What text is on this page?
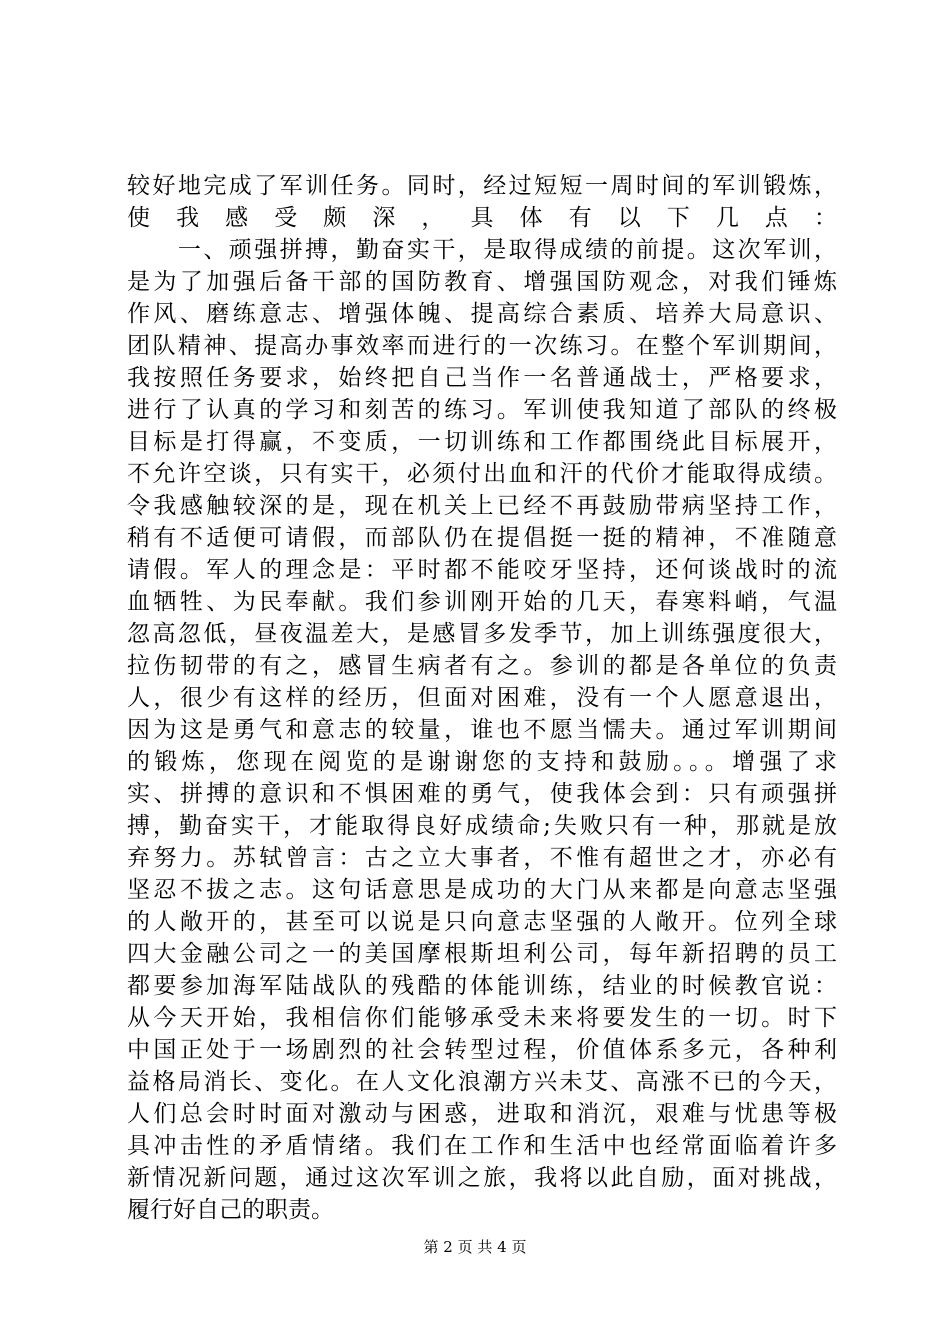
较好地完成了军训任务。同时，经过短短一周时间的军训锻炼，
使我感受颇深，具体有以下几点：
　　一、顽强拼搏，勤奋实干，是取得成绩的前提。这次军训，
是为了加强后备干部的国防教育、增强国防观念，对我们锤炼
作风、磨练意志、增强体魄、提高综合素质、培养大局意识、
团队精神、提高办事效率而进行的一次练习。在整个军训期间，
我按照任务要求，始终把自己当作一名普通战士，严格要求，
进行了认真的学习和刻苦的练习。军训使我知道了部队的终极
目标是打得赢，不变质，一切训练和工作都围绕此目标展开，
不允许空谈，只有实干，必须付出血和汗的代价才能取得成绩。
令我感触较深的是，现在机关上已经不再鼓励带病坚持工作，
稍有不适便可请假，而部队仍在提倡挺一挺的精神，不准随意
请假。军人的理念是：平时都不能咬牙坚持，还何谈战时的流
血牺牲、为民奉献。我们参训刚开始的几天，春寒料峭，气温
忽高忽低，昼夜温差大，是感冒多发季节，加上训练强度很大，
拉伤韧带的有之，感冒生病者有之。参训的都是各单位的负责
人，很少有这样的经历，但面对困难，没有一个人愿意退出，
因为这是勇气和意志的较量，谁也不愿当懦夫。通过军训期间
的锻炼，您现在阅览的是谢谢您的支持和鼓励。。。增强了求
实、拼搏的意识和不惧困难的勇气，使我体会到：只有顽强拼
搏，勤奋实干，才能取得良好成绩命;失败只有一种，那就是放
弃努力。苏轼曾言：古之立大事者，不惟有超世之才，亦必有
坚忍不拔之志。这句话意思是成功的大门从来都是向意志坚强
的人敞开的，甚至可以说是只向意志坚强的人敞开。位列全球
四大金融公司之一的美国摩根斯坦利公司，每年新招聘的员工
都要参加海军陆战队的残酷的体能训练，结业的时候教官说：
从今天开始，我相信你们能够承受未来将要发生的一切。时下
中国正处于一场剧烈的社会转型过程，价值体系多元，各种利
益格局消长、变化。在人文化浪潮方兴未艾、高涨不已的今天，
人们总会时时面对激动与困惑，进取和消沉，艰难与忧患等极
具冲击性的矛盾情绪。我们在工作和生活中也经常面临着许多
新情况新问题，通过这次军训之旅，我将以此自励，面对挑战，
履行好自己的职责。
第 2 页 共 4 页
